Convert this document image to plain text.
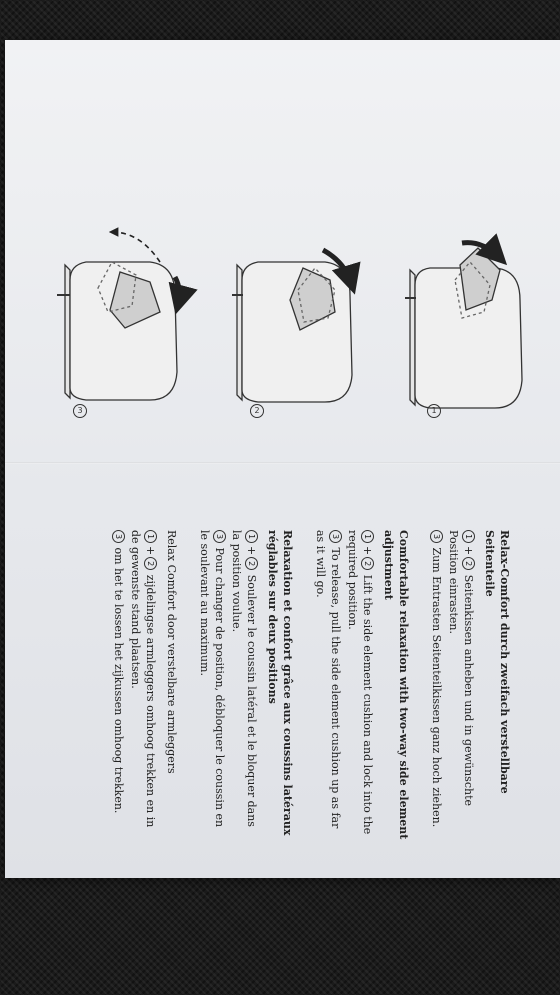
1
2
3

Relax-Comfort durch zweifach verstellbare Seitenteile

1+2 Seitenkissen anheben und in gewünschte Position einrasten.

3 Zum Entrasten Seitenteilkissen ganz hoch ziehen.

Comfortable relaxation with two-way side element adjustment

1+2 Lift the side element cushion and lock into the required position.

3 To release, pull the side element cushion up as far as it will go.

Relaxation et confort grâce aux coussins latéraux réglables sur deux positions

1+2 Soulever le coussin latéral et le bloquer dans la position voulue.

3 Pour changer de position, débloquer le coussin en le soulevant au maximum.

Relax Comfort door verstelbare armleggers

1+2 zijdelingse armleggers omhoog trekken en in de gewenste stand plaatsen.

3 om het te lossen het zijkussen omhoog trekken.
